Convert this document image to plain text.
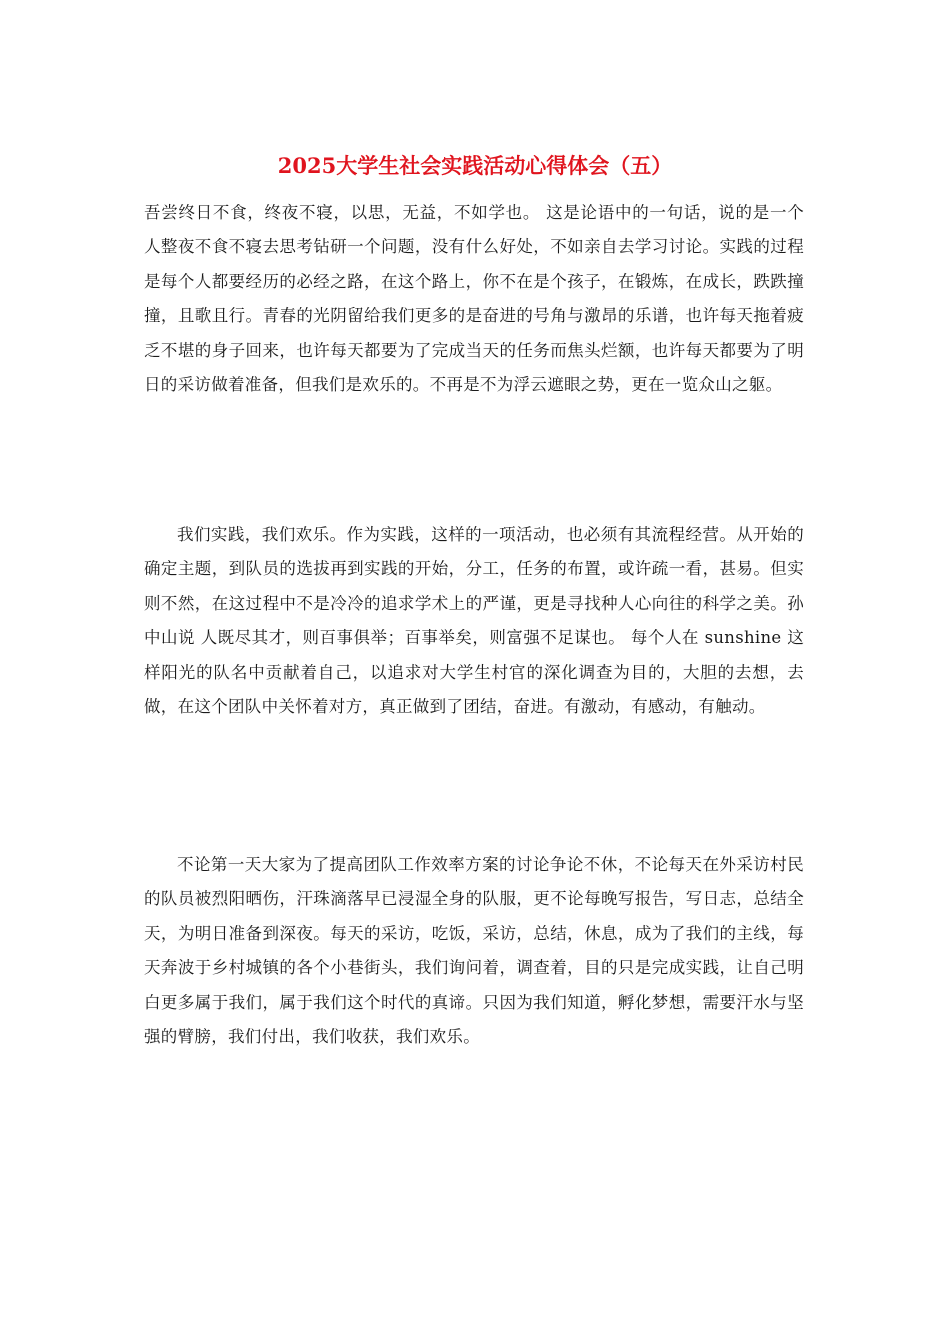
2025大学生社会实践活动心得体会（五）

吾尝终日不食，终夜不寝，以思，无益，不如学也。 这是论语中的一句话，说的是一个人整夜不食不寝去思考钻研一个问题，没有什么好处，不如亲自去学习讨论。实践的过程是每个人都要经历的必经之路，在这个路上，你不在是个孩子，在锻炼，在成长，跌跌撞撞，且歌且行。青春的光阴留给我们更多的是奋进的号角与激昂的乐谱，也许每天拖着疲乏不堪的身子回来，也许每天都要为了完成当天的任务而焦头烂额，也许每天都要为了明日的采访做着准备，但我们是欢乐的。不再是不为浮云遮眼之势，更在一览众山之躯。

我们实践，我们欢乐。作为实践，这样的一项活动，也必须有其流程经营。从开始的确定主题，到队员的选拔再到实践的开始，分工，任务的布置，或许疏一看，甚易。但实则不然，在这过程中不是冷冷的追求学术上的严谨，更是寻找种人心向往的科学之美。孙中山说 人既尽其才，则百事俱举；百事举矣，则富强不足谋也。 每个人在 sunshine 这样阳光的队名中贡献着自己，以追求对大学生村官的深化调查为目的，大胆的去想，去做，在这个团队中关怀着对方，真正做到了团结，奋进。有激动，有感动，有触动。

不论第一天大家为了提高团队工作效率方案的讨论争论不休，不论每天在外采访村民的队员被烈阳晒伤，汗珠滴落早已浸湿全身的队服，更不论每晚写报告，写日志，总结全天，为明日准备到深夜。每天的采访，吃饭，采访，总结，休息，成为了我们的主线，每天奔波于乡村城镇的各个小巷街头，我们询问着，调查着，目的只是完成实践，让自己明白更多属于我们，属于我们这个时代的真谛。只因为我们知道，孵化梦想，需要汗水与坚强的臂膀，我们付出，我们收获，我们欢乐。
